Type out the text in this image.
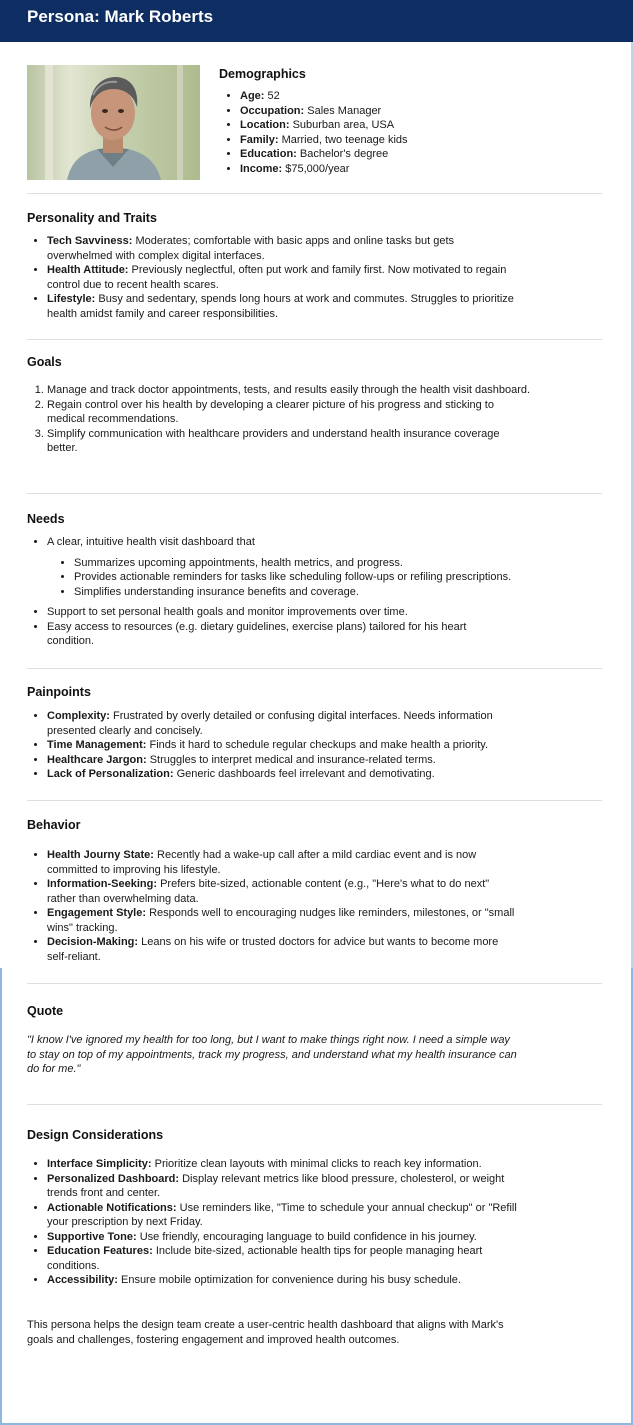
Persona: Mark Roberts
Demographics
• Age: 52
• Occupation: Sales Manager
• Location: Suburban area, USA
• Family: Married, two teenage kids
• Education: Bachelor's degree
• Income: $75,000/year
Personality and Traits
• Tech Savviness: Moderates; comfortable with basic apps and online tasks but gets overwhelmed with complex digital interfaces.
• Health Attitude: Previously neglectful, often put work and family first. Now motivated to regain control due to recent health scares.
• Lifestyle: Busy and sedentary, spends long hours at work and commutes. Struggles to prioritize health amidst family and career responsibilities.
Goals
1. Manage and track doctor appointments, tests, and results easily through the health visit dashboard.
2. Regain control over his health by developing a clearer picture of his progress and sticking to medical recommendations.
3. Simplify communication with healthcare providers and understand health insurance coverage better.
Needs
• A clear, intuitive health visit dashboard that
• Summarizes upcoming appointments, health metrics, and progress.
• Provides actionable reminders for tasks like scheduling follow-ups or refiling prescriptions.
• Simplifies understanding insurance benefits and coverage.
• Support to set personal health goals and monitor improvements over time.
• Easy access to resources (e.g. dietary guidelines, exercise plans) tailored for his heart condition.
Painpoints
• Complexity: Frustrated by overly detailed or confusing digital interfaces. Needs information presented clearly and concisely.
• Time Management: Finds it hard to schedule regular checkups and make health a priority.
• Healthcare Jargon: Struggles to interpret medical and insurance-related terms.
• Lack of Personalization: Generic dashboards feel irrelevant and demotivating.
Behavior
• Health Journy State: Recently had a wake-up call after a mild cardiac event and is now committed to improving his lifestyle.
• Information-Seeking: Prefers bite-sized, actionable content (e.g., "Here's what to do next" rather than overwhelming data.
• Engagement Style: Responds well to encouraging nudges like reminders, milestones, or "small wins" tracking.
• Decision-Making: Leans on his wife or trusted doctors for advice but wants to become more self-reliant.
Quote

"I know I've ignored my health for too long, but I want to make things right now. I need a simple way to stay on top of my appointments, track my progress, and understand what my health insurance can do for me."

Design Considerations
• Interface Simplicity: Prioritize clean layouts with minimal clicks to reach key information.
• Personalized Dashboard: Display relevant metrics like blood pressure, cholesterol, or weight trends front and center.
• Actionable Notifications: Use reminders like, "Time to schedule your annual checkup" or "Refill your prescription by next Friday.
• Supportive Tone: Use friendly, encouraging language to build confidence in his journey.
• Education Features: Include bite-sized, actionable health tips for people managing heart conditions.
• Accessibility: Ensure mobile optimization for convenience during his busy schedule.

This persona helps the design team create a user-centric health dashboard that aligns with Mark's goals and challenges, fostering engagement and improved health outcomes.
